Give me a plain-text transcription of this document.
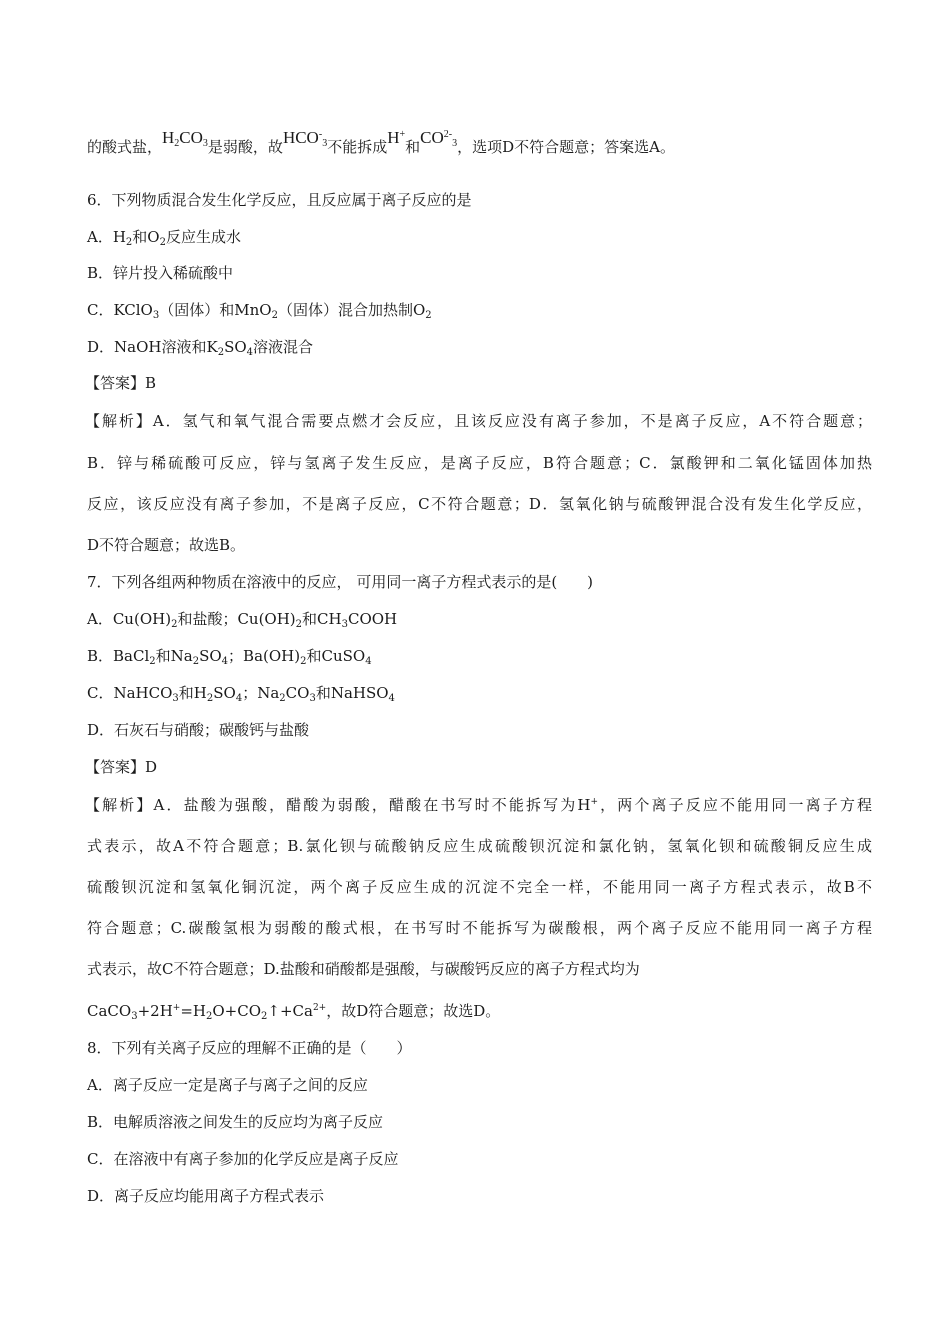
的酸式盐，$H_2CO_3$是弱酸，故$HCO^-_3$不能拆成H+和$CO^{2-}_3$，选项D不符合题意；答案选A。
6．下列物质混合发生化学反应，且反应属于离子反应的是
A．$H_2$和$O_2$反应生成水
B．锌片投入稀硫酸中
C．KClO$_3$（固体）和MnO$_2$（固体）混合加热制$O_2$
D．NaOH溶液和$K_2SO_4$溶液混合
【答案】B
【解析】A．氢气和氧气混合需要点燃才会反应，且该反应没有离子参加，不是离子反应，A不符合题意；
B．锌与稀硫酸可反应，锌与氢离子发生反应，是离子反应，B符合题意；C．氯酸钾和二氧化锰固体加热
反应，该反应没有离子参加，不是离子反应，C不符合题意；D．氢氧化钠与硫酸钾混合没有发生化学反应，
D不符合题意；故选B。
7．下列各组两种物质在溶液中的反应， 可用同一离子方程式表示的是(　　)
A．$Cu(OH)_2$和盐酸；$Cu(OH)_2$和$CH_3COOH$
B．BaCl$_2$和$Na_2SO_4$；$Ba(OH)_2$和CuSO$_4$
C．NaHCO$_3$和$H_2SO_4$；$Na_2CO_3$和NaHSO$_4$
D．石灰石与硝酸；碳酸钙与盐酸
【答案】D
【解析】A．盐酸为强酸，醋酸为弱酸，醋酸在书写时不能拆写为H+，两个离子反应不能用同一离子方程
式表示，故A不符合题意；B.氯化钡与硫酸钠反应生成硫酸钡沉淀和氯化钠，氢氧化钡和硫酸铜反应生成
硫酸钡沉淀和氢氧化铜沉淀，两个离子反应生成的沉淀不完全一样，不能用同一离子方程式表示，故B不
符合题意；C.碳酸氢根为弱酸的酸式根，在书写时不能拆写为碳酸根，两个离子反应不能用同一离子方程
式表示，故C不符合题意；D.盐酸和硝酸都是强酸，与碳酸钙反应的离子方程式均为
$CaCO_3+2H^+=H_2O+CO_2↑+Ca^{2+}$，故D符合题意；故选D。
8．下列有关离子反应的理解不正确的是（　　）
A．离子反应一定是离子与离子之间的反应
B．电解质溶液之间发生的反应均为离子反应
C．在溶液中有离子参加的化学反应是离子反应
D．离子反应均能用离子方程式表示
